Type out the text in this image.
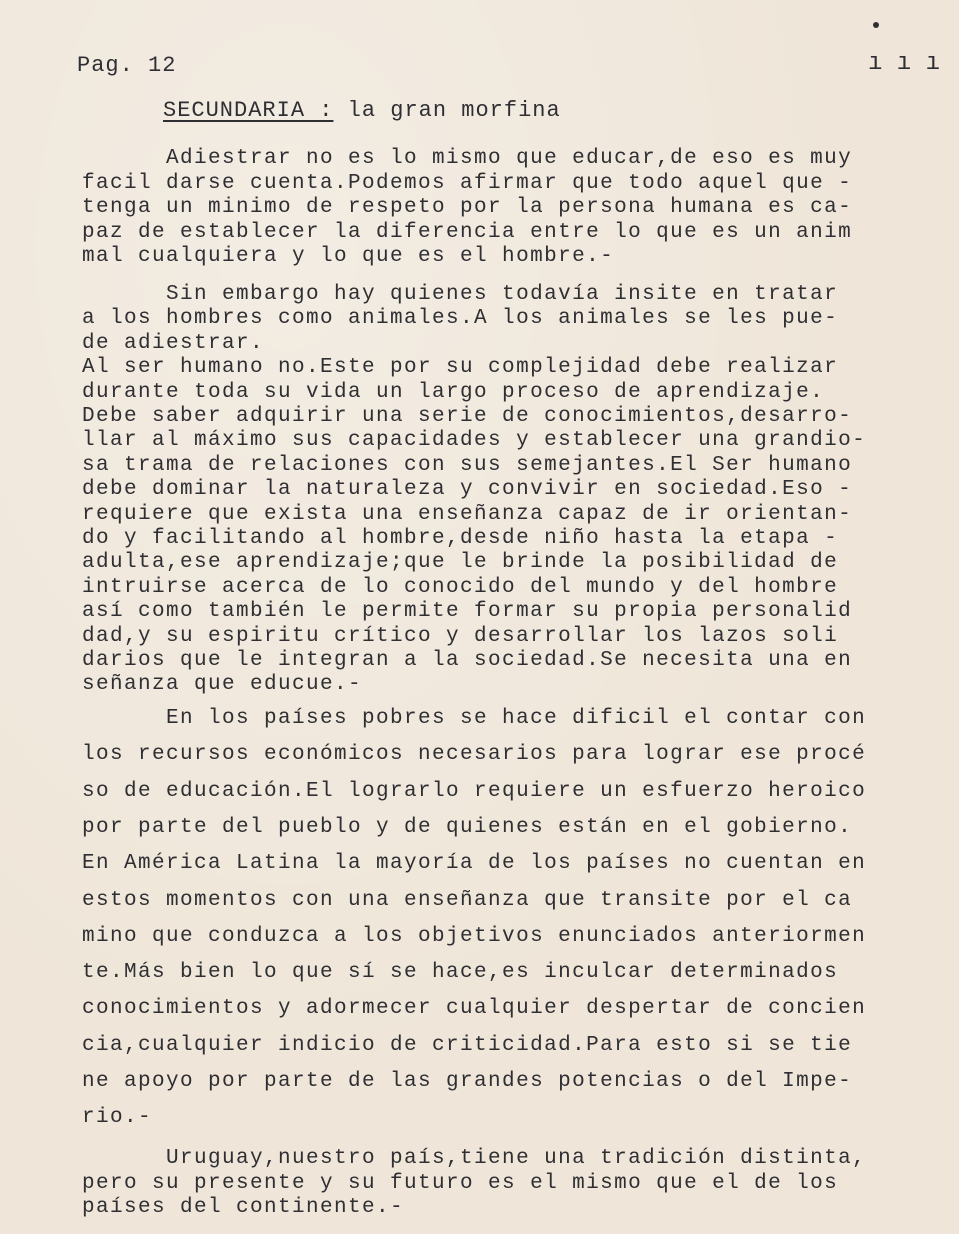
Pag. 12	ı ı ı
SECUNDARIA : la gran morfina
Adiestrar no es lo mismo que educar,de eso es muy
facil darse cuenta.Podemos afirmar que todo aquel que -
tenga un minimo de respeto por la persona humana es ca-
paz de establecer la diferencia entre lo que es un anim
mal cualquiera y lo que es el hombre.-
Sin embargo hay quienes todavía insite en tratar
a los hombres como animales.A los animales se les pue-
de adiestrar.
Al ser humano no.Este por su complejidad debe realizar
durante toda su vida un largo proceso de aprendizaje.
Debe saber adquirir una serie de conocimientos,desarro-
llar al máximo sus capacidades y establecer una grandio-
sa trama de relaciones con sus semejantes.El Ser humano
debe dominar la naturaleza y convivir en sociedad.Eso -
requiere que exista una enseñanza capaz de ir orientan-
do y facilitando al hombre,desde niño hasta la etapa -
adulta,ese aprendizaje;que le brinde la posibilidad de
intruirse acerca de lo conocido del mundo y del hombre
así como también le permite formar su propia personalid
dad,y su espiritu crítico y desarrollar los lazos soli
darios que le integran a la sociedad.Se necesita una en
señanza que educue.-
En los países pobres se hace dificil el contar con
los recursos económicos necesarios para lograr ese procé
so de educación.El lograrlo requiere un esfuerzo heroico
por parte del pueblo y de quienes están en el gobierno.
En América Latina la mayoría de los países no cuentan en
estos momentos con una enseñanza que transite por el ca
mino que conduzca a los objetivos enunciados anteriormen
te.Más bien lo que sí se hace,es inculcar determinados
conocimientos y adormecer cualquier despertar de concien
cia,cualquier indicio de criticidad.Para esto si se tie
ne apoyo por parte de las grandes potencias o del Impe-
rio.-
Uruguay,nuestro país,tiene una tradición distinta,
pero su presente y su futuro es el mismo que el de los
países del continente.-
